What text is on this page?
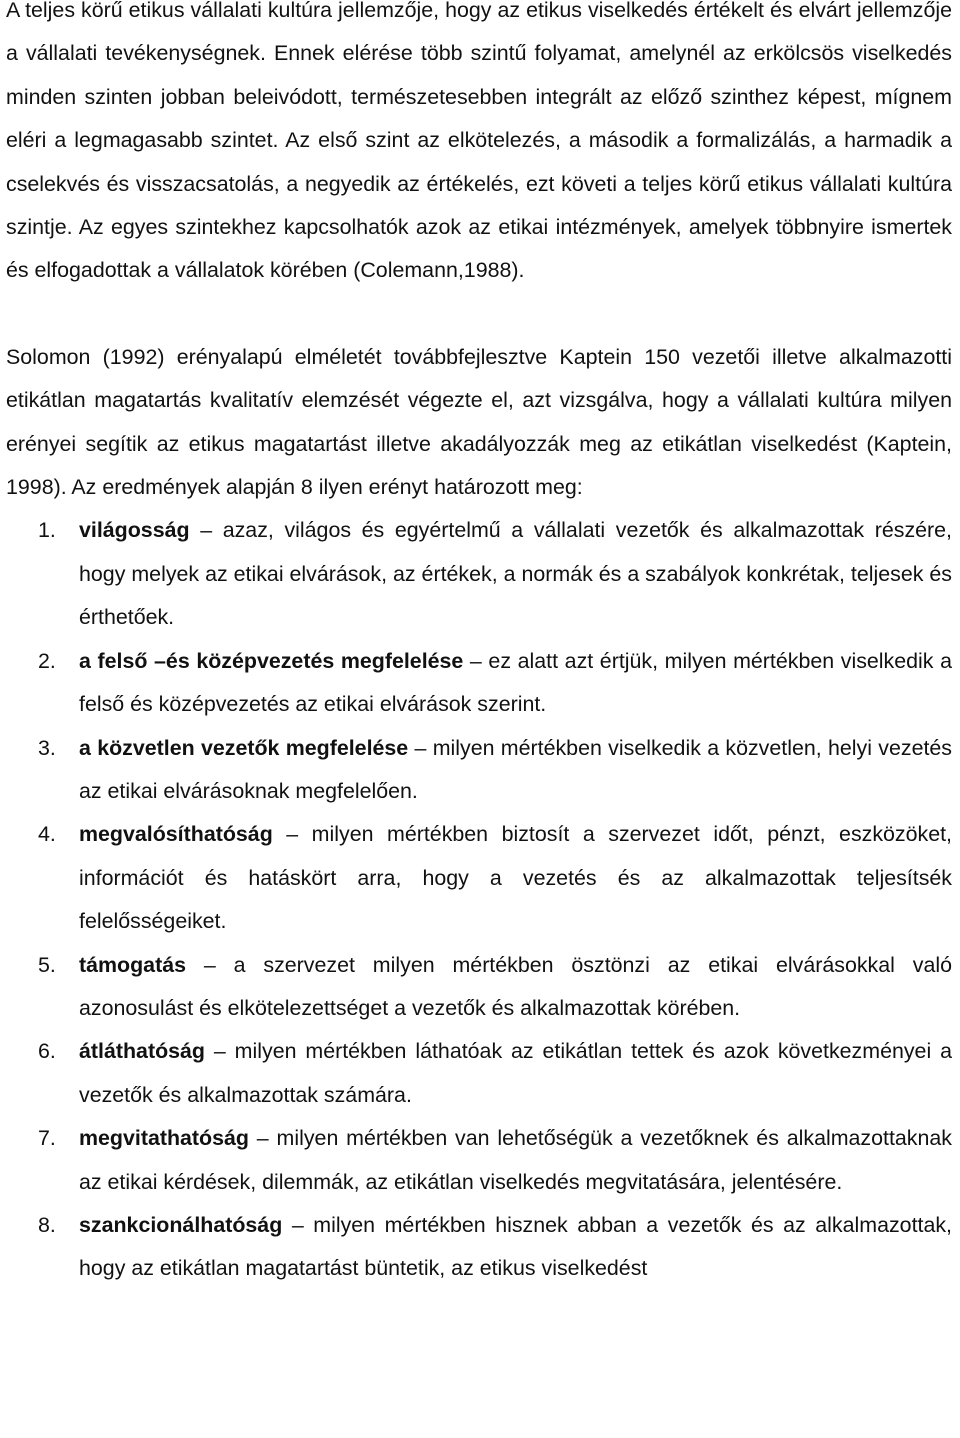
A teljes körű etikus vállalati kultúra jellemzője, hogy az etikus viselkedés értékelt és elvárt jellemzője a vállalati tevékenységnek. Ennek elérése több szintű folyamat, amelynél az erkölcsös viselkedés minden szinten jobban beleivódott, természetesebben integrált az előző szinthez képest, mígnem eléri a legmagasabb szintet. Az első szint az elkötelezés, a második a formalizálás, a harmadik a cselekvés és visszacsatolás, a negyedik az értékelés, ezt követi a teljes körű etikus vállalati kultúra szintje. Az egyes szintekhez kapcsolhatók azok az etikai intézmények, amelyek többnyire ismertek és elfogadottak a vállalatok körében (Colemann,1988).

Solomon (1992) erényalapú elméletét továbbfejlesztve Kaptein 150 vezetői illetve alkalmazotti etikátlan magatartás kvalitatív elemzését végezte el, azt vizsgálva, hogy a vállalati kultúra milyen erényei segítik az etikus magatartást illetve akadályozzák meg az etikátlan viselkedést (Kaptein, 1998). Az eredmények alapján 8 ilyen erényt határozott meg:

1. világosság – azaz, világos és egyértelmű a vállalati vezetők és alkalmazottak részére, hogy melyek az etikai elvárások, az értékek, a normák és a szabályok konkrétak, teljesek és érthetőek.
2. a felső –és középvezetés megfelelése – ez alatt azt értjük, milyen mértékben viselkedik a felső és középvezetés az etikai elvárások szerint.
3. a közvetlen vezetők megfelelése – milyen mértékben viselkedik a közvetlen, helyi vezetés az etikai elvárásoknak megfelelően.
4. megvalósíthatóság – milyen mértékben biztosít a szervezet időt, pénzt, eszközöket, információt és hatáskört arra, hogy a vezetés és az alkalmazottak teljesítsék felelősségeiket.
5. támogatás – a szervezet milyen mértékben ösztönzi az etikai elvárásokkal való azonosulást és elkötelezettséget a vezetők és alkalmazottak körében.
6. átláthatóság – milyen mértékben láthatóak az etikátlan tettek és azok következményei a vezetők és alkalmazottak számára.
7. megvitathatóság – milyen mértékben van lehetőségük a vezetőknek és alkalmazottaknak az etikai kérdések, dilemmák, az etikátlan viselkedés megvitatására, jelentésére.
8. szankcionálhatóság – milyen mértékben hisznek abban a vezetők és az alkalmazottak, hogy az etikátlan magatartást büntetik, az etikus viselkedést
